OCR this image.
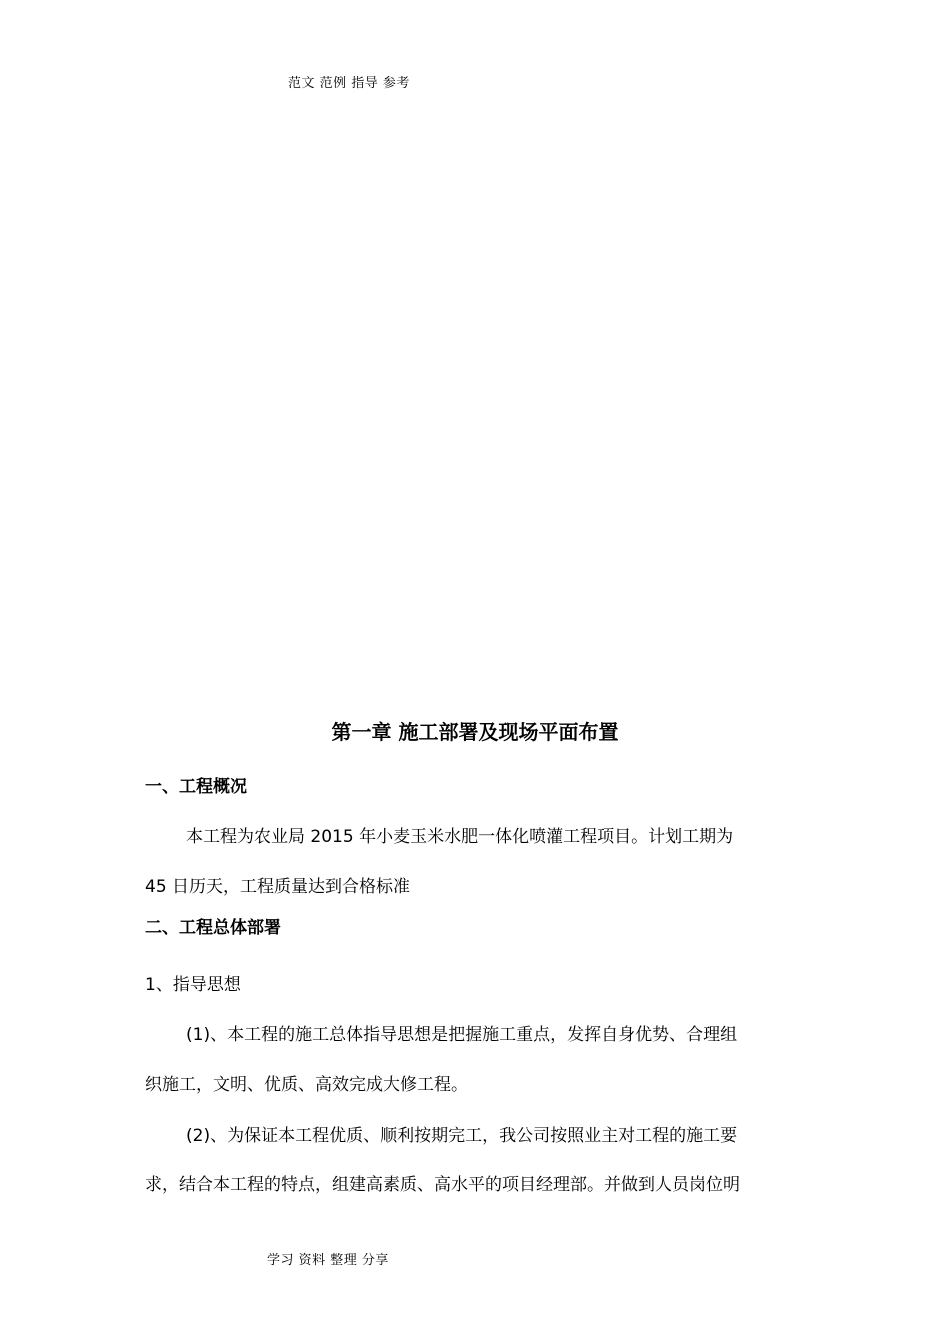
范文 范例 指导 参考
第一章 施工部署及现场平面布置
一、工程概况
本工程为农业局 2015 年小麦玉米水肥一体化喷灌工程项目。计划工期为
45 日历天，工程质量达到合格标准
二、工程总体部署
1、指导思想
(1)、本工程的施工总体指导思想是把握施工重点，发挥自身优势、合理组
织施工，文明、优质、高效完成大修工程。
(2)、为保证本工程优质、顺利按期完工，我公司按照业主对工程的施工要
求，结合本工程的特点，组建高素质、高水平的项目经理部。并做到人员岗位明
学习 资料 整理 分享
